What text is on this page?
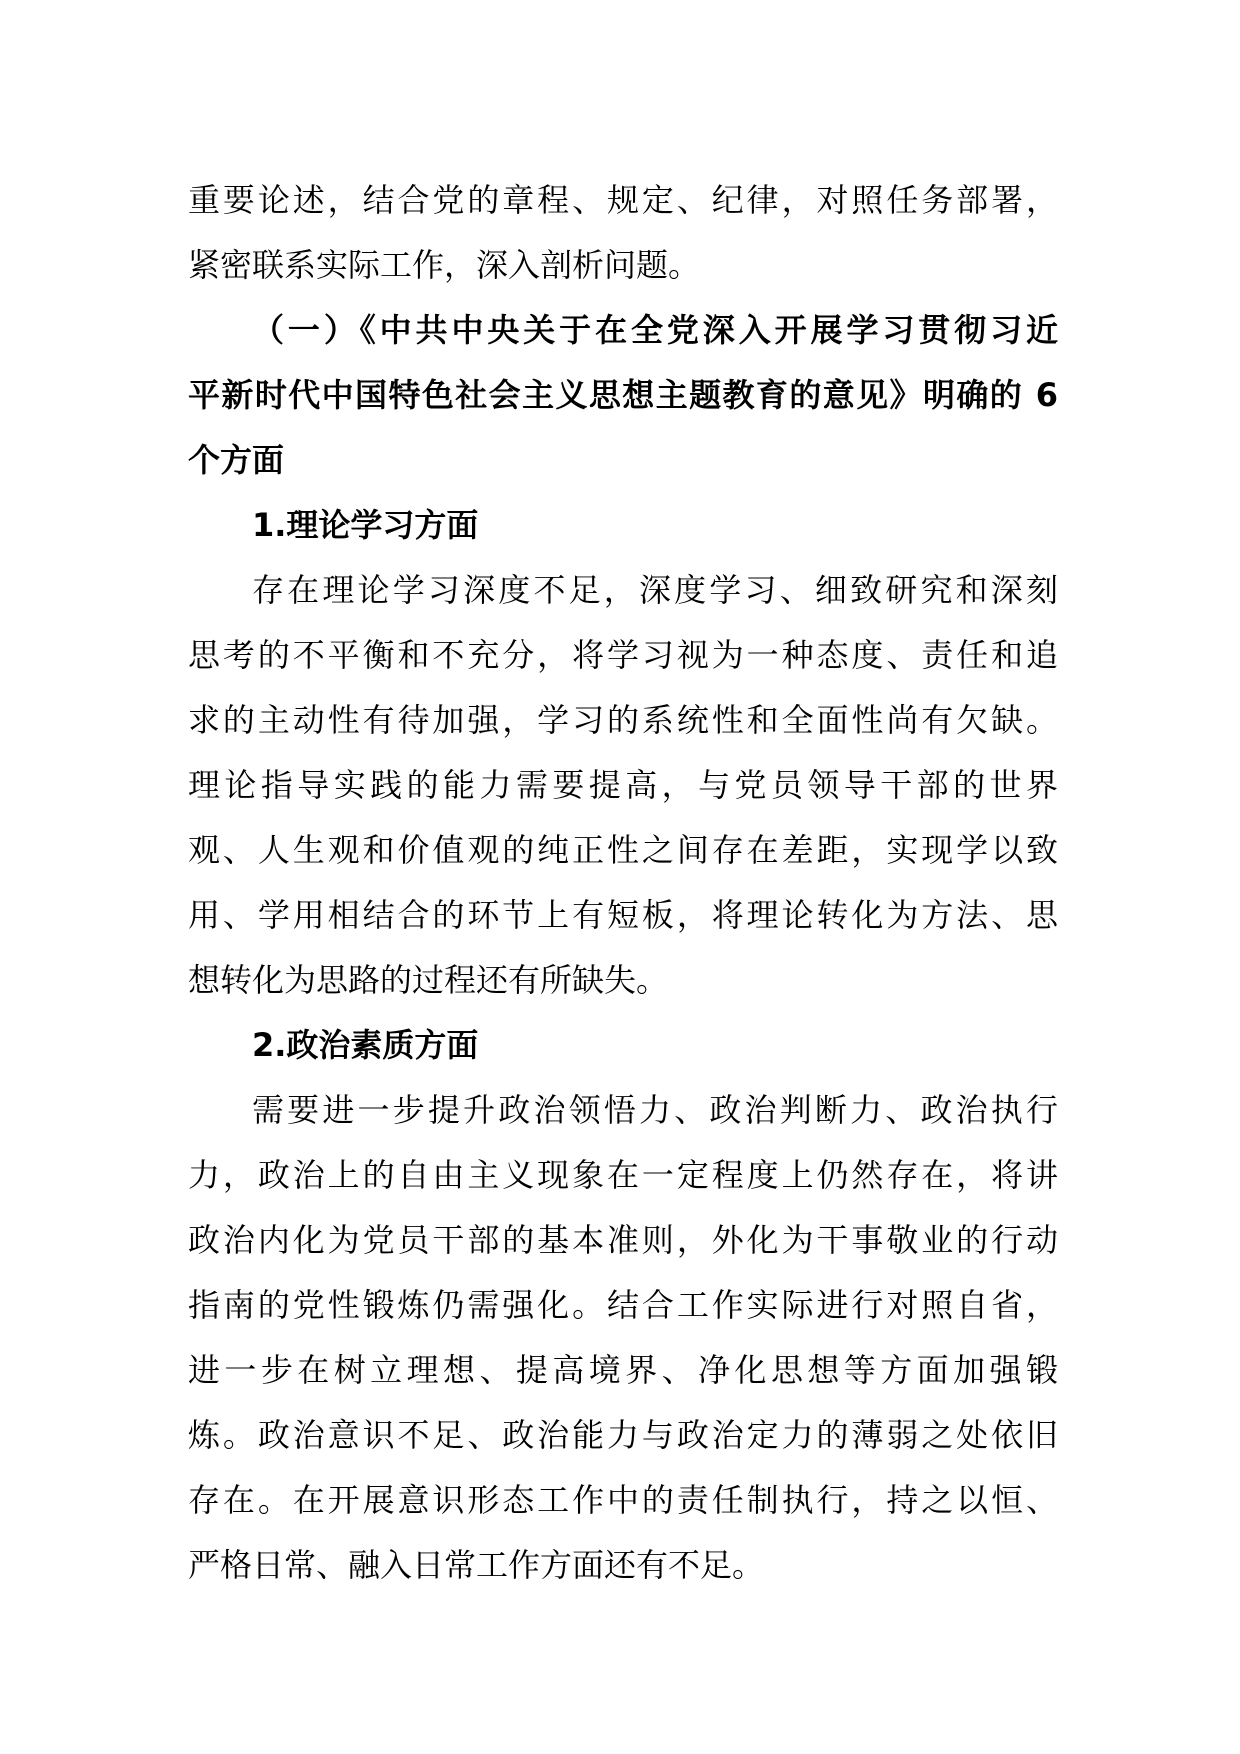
重要论述，结合党的章程、规定、纪律，对照任务部署，
紧密联系实际工作，深入剖析问题。
（一）《中共中央关于在全党深入开展学习贯彻习近
平新时代中国特色社会主义思想主题教育的意见》明确的 6
个方面
1.理论学习方面
存在理论学习深度不足，深度学习、细致研究和深刻
思考的不平衡和不充分，将学习视为一种态度、责任和追
求的主动性有待加强，学习的系统性和全面性尚有欠缺。
理论指导实践的能力需要提高，与党员领导干部的世界
观、人生观和价值观的纯正性之间存在差距，实现学以致
用、学用相结合的环节上有短板，将理论转化为方法、思
想转化为思路的过程还有所缺失。
2.政治素质方面
需要进一步提升政治领悟力、政治判断力、政治执行
力，政治上的自由主义现象在一定程度上仍然存在，将讲
政治内化为党员干部的基本准则，外化为干事敬业的行动
指南的党性锻炼仍需强化。结合工作实际进行对照自省，
进一步在树立理想、提高境界、净化思想等方面加强锻
炼。政治意识不足、政治能力与政治定力的薄弱之处依旧
存在。在开展意识形态工作中的责任制执行，持之以恒、
严格日常、融入日常工作方面还有不足。
